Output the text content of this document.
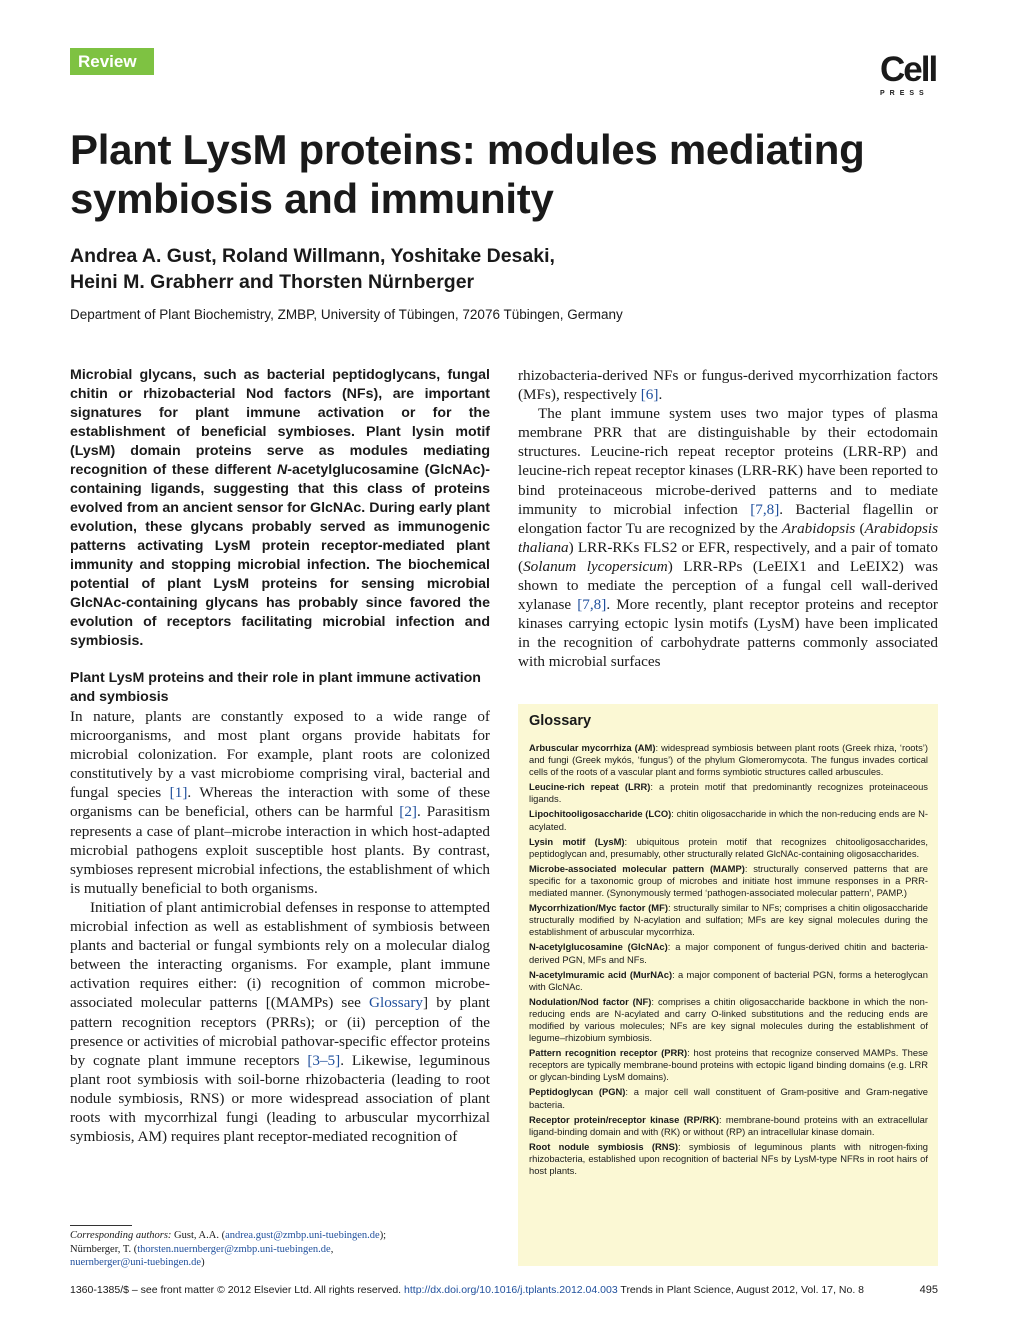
Review	Cell
PRESS
Plant LysM proteins: modules mediating symbiosis and immunity
Andrea A. Gust, Roland Willmann, Yoshitake Desaki,
Heini M. Grabherr and Thorsten Nürnberger
Department of Plant Biochemistry, ZMBP, University of Tübingen, 72076 Tübingen, Germany

Microbial glycans, such as bacterial peptidoglycans, fungal chitin or rhizobacterial Nod factors (NFs), are important signatures for plant immune activation or for the establishment of beneficial symbioses. Plant lysin motif (LysM) domain proteins serve as modules mediating recognition of these different N-acetylglucosamine (GlcNAc)-containing ligands, suggesting that this class of proteins evolved from an ancient sensor for GlcNAc. During early plant evolution, these glycans probably served as immunogenic patterns activating LysM protein receptor-mediated plant immunity and stopping microbial infection. The biochemical potential of plant LysM proteins for sensing microbial GlcNAc-containing glycans has probably since favored the evolution of receptors facilitating microbial infection and symbiosis.

Plant LysM proteins and their role in plant immune activation and symbiosis

In nature, plants are constantly exposed to a wide range of microorganisms, and most plant organs provide habitats for microbial colonization. For example, plant roots are colonized constitutively by a vast microbiome comprising viral, bacterial and fungal species [1]. Whereas the interaction with some of these organisms can be beneficial, others can be harmful [2]. Parasitism represents a case of plant–microbe interaction in which host-adapted microbial pathogens exploit susceptible host plants. By contrast, symbioses represent microbial infections, the establishment of which is mutually beneficial to both organisms.

Initiation of plant antimicrobial defenses in response to attempted microbial infection as well as establishment of symbiosis between plants and bacterial or fungal symbionts rely on a molecular dialog between the interacting organisms. For example, plant immune activation requires either: (i) recognition of common microbe-associated molecular patterns [(MAMPs) see Glossary] by plant pattern recognition receptors (PRRs); or (ii) perception of the presence or activities of microbial pathovar-specific effector proteins by cognate plant immune receptors [3–5]. Likewise, leguminous plant root symbiosis with soil-borne rhizobacteria (leading to root nodule symbiosis, RNS) or more widespread association of plant roots with mycorrhizal fungi (leading to arbuscular mycorrhizal symbiosis, AM) requires plant receptor-mediated recognition of

rhizobacteria-derived NFs or fungus-derived mycorrhization factors (MFs), respectively [6].

The plant immune system uses two major types of plasma membrane PRR that are distinguishable by their ectodomain structures. Leucine-rich repeat receptor proteins (LRR-RP) and leucine-rich repeat receptor kinases (LRR-RK) have been reported to bind proteinaceous microbe-derived patterns and to mediate immunity to microbial infection [7,8]. Bacterial flagellin or elongation factor Tu are recognized by the Arabidopsis (Arabidopsis thaliana) LRR-RKs FLS2 or EFR, respectively, and a pair of tomato (Solanum lycopersicum) LRR-RPs (LeEIX1 and LeEIX2) was shown to mediate the perception of a fungal cell wall-derived xylanase [7,8]. More recently, plant receptor proteins and receptor kinases carrying ectopic lysin motifs (LysM) have been implicated in the recognition of carbohydrate patterns commonly associated with microbial surfaces

Glossary

Arbuscular mycorrhiza (AM): widespread symbiosis between plant roots (Greek rhiza, ‘roots’) and fungi (Greek mykós, ‘fungus’) of the phylum Glomeromycota. The fungus invades cortical cells of the roots of a vascular plant and forms symbiotic structures called arbuscules.

Leucine-rich repeat (LRR): a protein motif that predominantly recognizes proteinaceous ligands.

Lipochitooligosaccharide (LCO): chitin oligosaccharide in which the non-reducing ends are N-acylated.

Lysin motif (LysM): ubiquitous protein motif that recognizes chitooligosaccharides, peptidoglycan and, presumably, other structurally related GlcNAc-containing oligosaccharides.

Microbe-associated molecular pattern (MAMP): structurally conserved patterns that are specific for a taxonomic group of microbes and initiate host immune responses in a PRR-mediated manner. (Synonymously termed ‘pathogen-associated molecular pattern’, PAMP.)

Mycorrhization/Myc factor (MF): structurally similar to NFs; comprises a chitin oligosaccharide structurally modified by N-acylation and sulfation; MFs are key signal molecules during the establishment of arbuscular mycorrhiza.

N-acetylglucosamine (GlcNAc): a major component of fungus-derived chitin and bacteria-derived PGN, MFs and NFs.

N-acetylmuramic acid (MurNAc): a major component of bacterial PGN, forms a heteroglycan with GlcNAc.

Nodulation/Nod factor (NF): comprises a chitin oligosaccharide backbone in which the non-reducing ends are N-acylated and carry O-linked substitutions and the reducing ends are modified by various molecules; NFs are key signal molecules during the establishment of legume–rhizobium symbiosis.

Pattern recognition receptor (PRR): host proteins that recognize conserved MAMPs. These receptors are typically membrane-bound proteins with ectopic ligand binding domains (e.g. LRR or glycan-binding LysM domains).

Peptidoglycan (PGN): a major cell wall constituent of Gram-positive and Gram-negative bacteria.

Receptor protein/receptor kinase (RP/RK): membrane-bound proteins with an extracellular ligand-binding domain and with (RK) or without (RP) an intracellular kinase domain.

Root nodule symbiosis (RNS): symbiosis of leguminous plants with nitrogen-fixing rhizobacteria, established upon recognition of bacterial NFs by LysM-type NFRs in root hairs of host plants.

Corresponding authors: Gust, A.A. (andrea.gust@zmbp.uni-tuebingen.de);
Nürnberger, T. (thorsten.nuernberger@zmbp.uni-tuebingen.de,
nuernberger@uni-tuebingen.de)
1360-1385/$ – see front matter © 2012 Elsevier Ltd. All rights reserved. http://dx.doi.org/10.1016/j.tplants.2012.04.003 Trends in Plant Science, August 2012, Vol. 17, No. 8	495
